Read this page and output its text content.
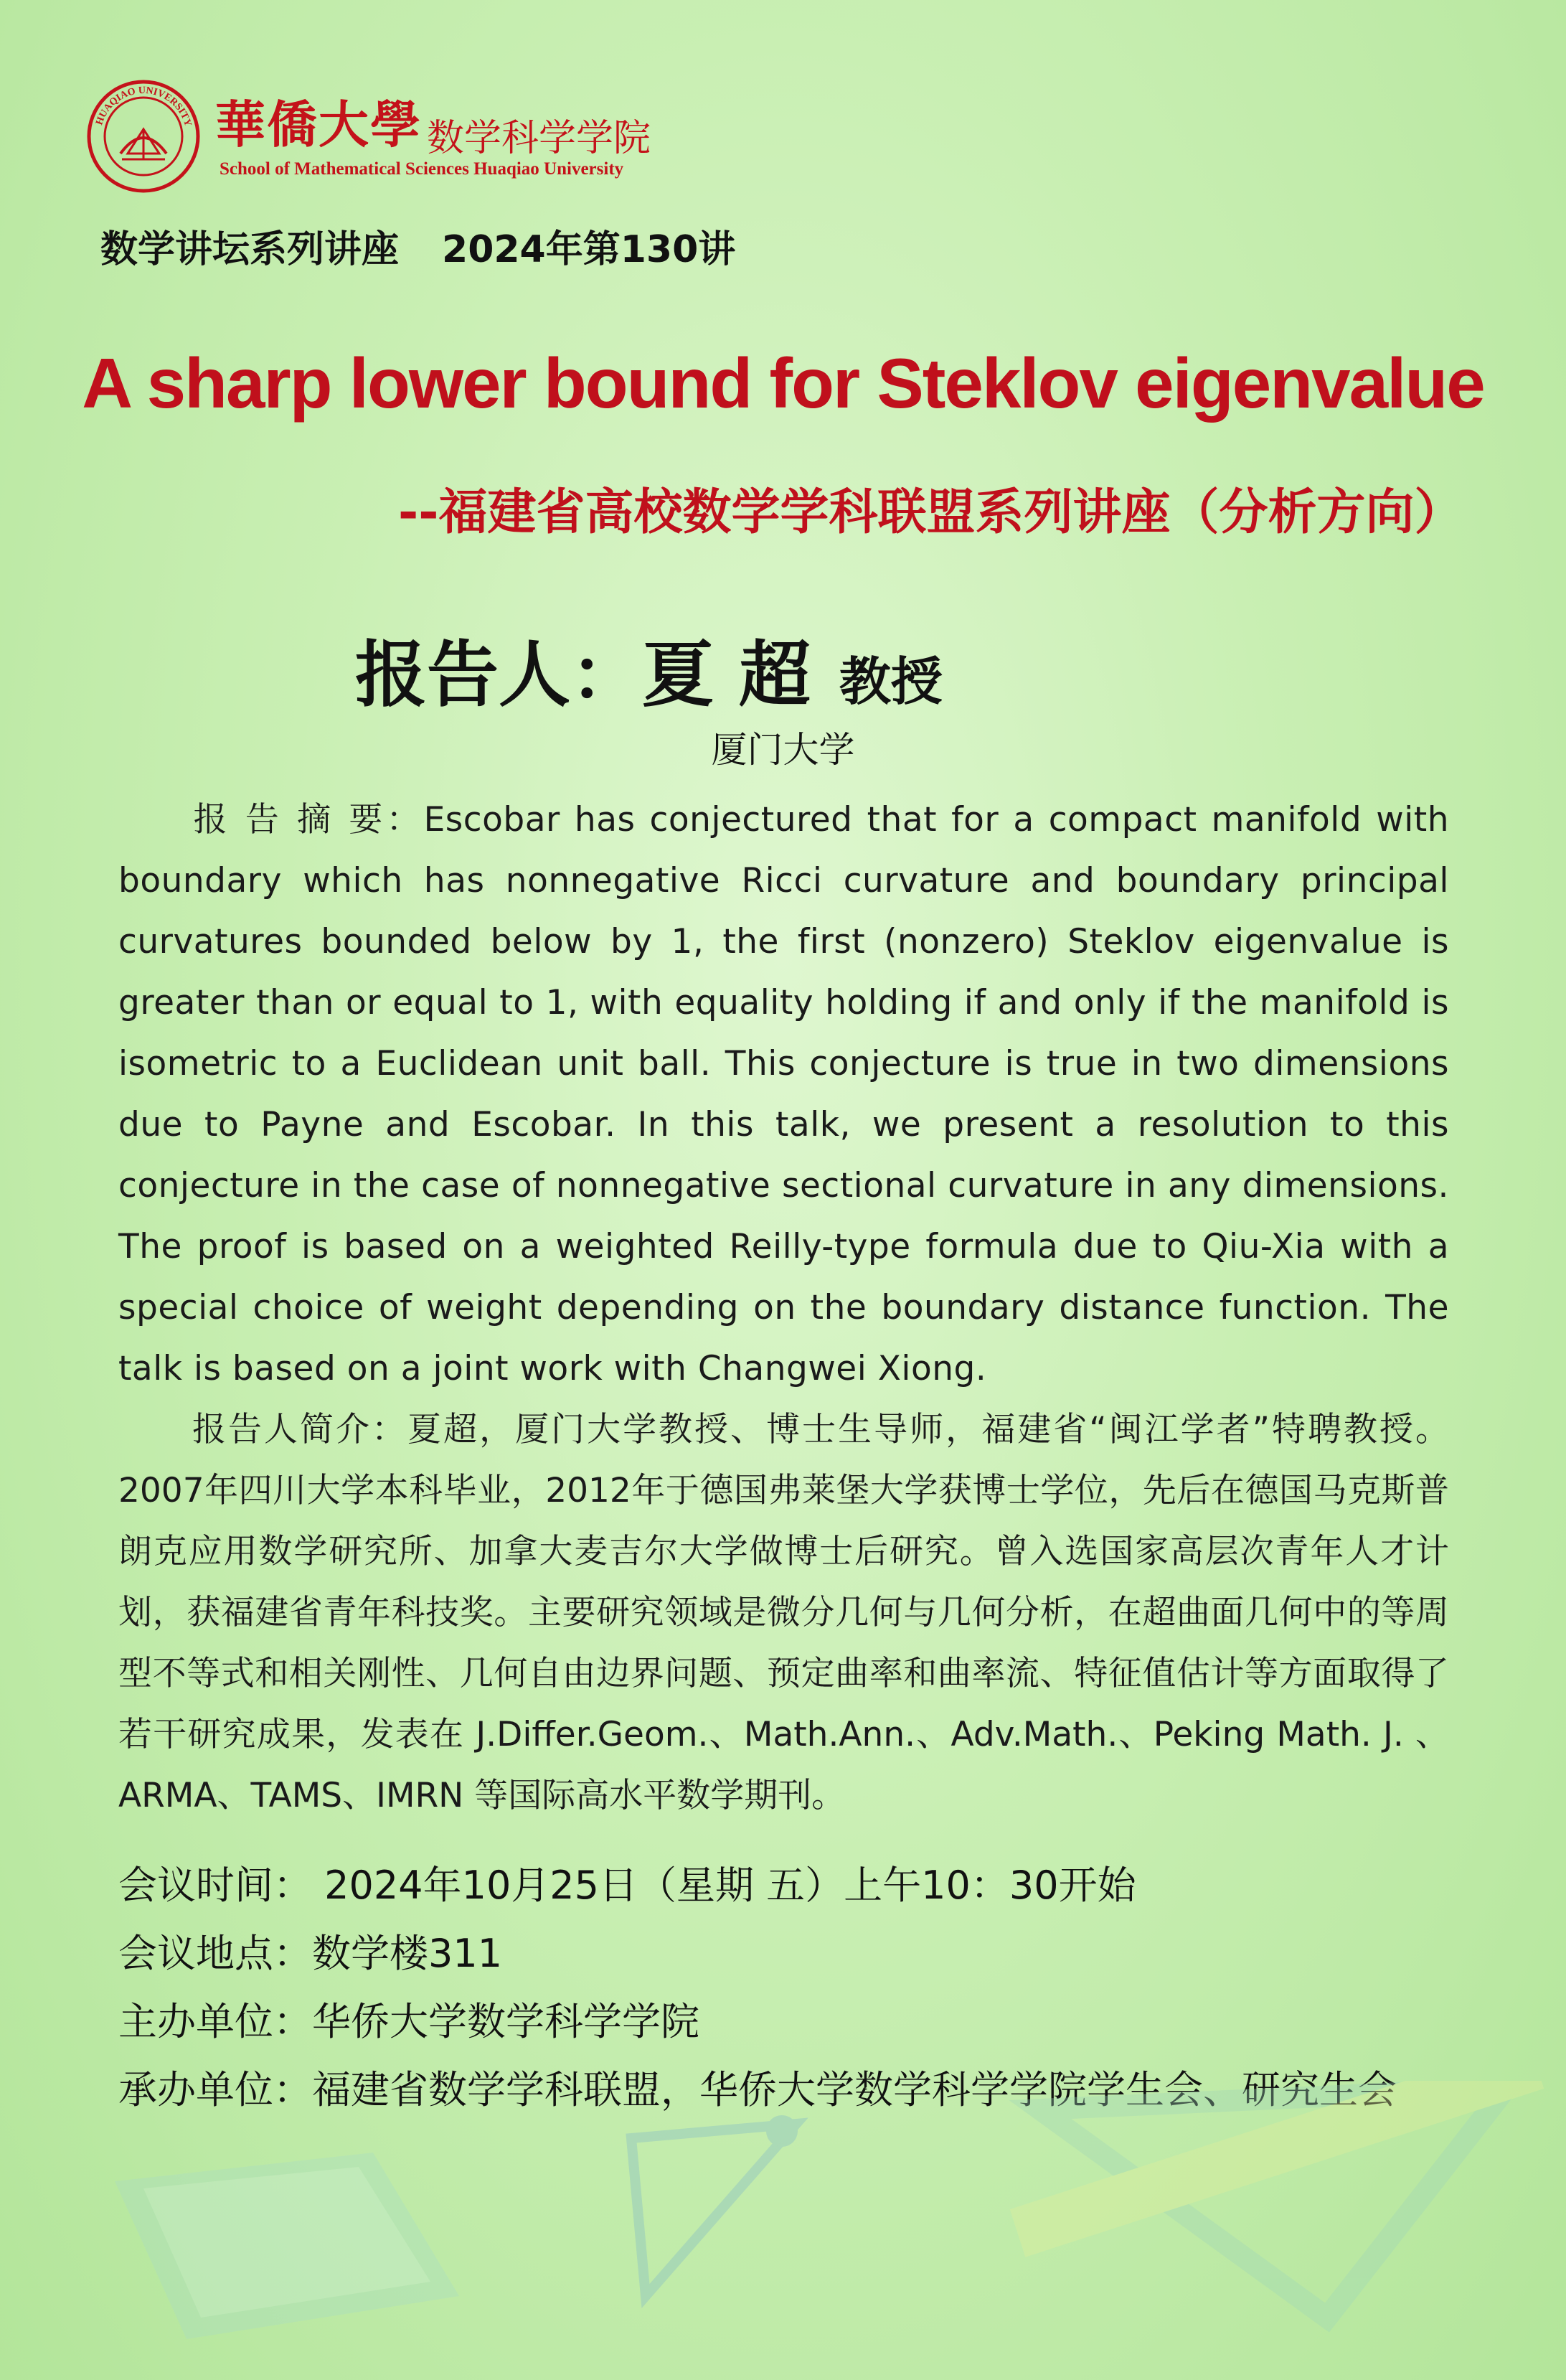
HUAQIAO UNIVERSITY 華僑大學 数学科学学院
School of Mathematical Sciences Huaqiao University
数学讲坛系列讲座 2024年第130讲
A sharp lower bound for Steklov eigenvalue
--福建省高校数学学科联盟系列讲座（分析方向）
报告人：夏 超 教授
厦门大学
报 告 摘 要：Escobar has conjectured that for a compact manifold with boundary which has nonnegative Ricci curvature and boundary principal curvatures bounded below by 1, the first (nonzero) Steklov eigenvalue is greater than or equal to 1, with equality holding if and only if the manifold is isometric to a Euclidean unit ball. This conjecture is true in two dimensions due to Payne and Escobar. In this talk, we present a resolution to this conjecture in the case of nonnegative sectional curvature in any dimensions. The proof is based on a weighted Reilly-type formula due to Qiu-Xia with a special choice of weight depending on the boundary distance function. The talk is based on a joint work with Changwei Xiong.
报告人简介：夏超，厦门大学教授、博士生导师，福建省“闽江学者”特聘教授。2007年四川大学本科毕业，2012年于德国弗莱堡大学获博士学位，先后在德国马克斯普朗克应用数学研究所、加拿大麦吉尔大学做博士后研究。曾入选国家高层次青年人才计划，获福建省青年科技奖。主要研究领域是微分几何与几何分析，在超曲面几何中的等周型不等式和相关刚性、几何自由边界问题、预定曲率和曲率流、特征值估计等方面取得了若干研究成果，发表在 J.Differ.Geom.、Math.Ann.、Adv.Math.、Peking Math. J. 、ARMA、TAMS、IMRN 等国际高水平数学期刊。
会议时间： 2024年10月25日（星期 五）上午10：30开始
会议地点：数学楼311
主办单位：华侨大学数学科学学院
承办单位：福建省数学学科联盟，华侨大学数学科学学院学生会、研究生会
